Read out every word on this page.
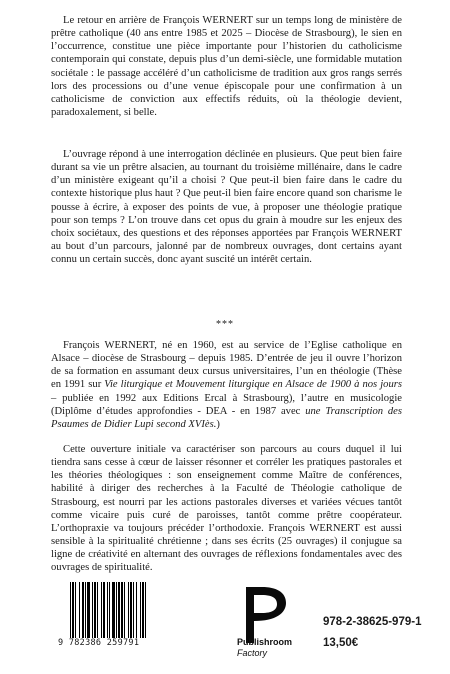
Le retour en arrière de François WERNERT sur un temps long de ministère de prêtre catholique (40 ans entre 1985 et 2025 – Diocèse de Strasbourg), le sien en l’occurrence, constitue une pièce importante pour l’historien du catholicisme contemporain qui constate, depuis plus d’un demi-siècle, une formidable mutation sociétale : le passage accéléré d’un catholicisme de tradition aux gros rangs serrés lors des processions ou d’une venue épiscopale pour une confirmation à un catholicisme de conviction aux effectifs réduits, où la théologie devient, paradoxalement, si belle.

L’ouvrage répond à une interrogation déclinée en plusieurs. Que peut bien faire durant sa vie un prêtre alsacien, au tournant du troisième millénaire, dans le cadre d’un ministère exigeant qu’il a choisi ? Que peut-il bien faire dans le cadre du contexte historique plus haut ? Que peut-il bien faire encore quand son charisme le pousse à écrire, à exposer des points de vue, à proposer une théologie pratique pour son temps ? L’on trouve dans cet opus du grain à moudre sur les enjeux des choix sociétaux, des questions et des réponses apportées par François WERNERT au bout d’un parcours, jalonné par de nombreux ouvrages, dont certains ayant connu un certain succès, donc ayant suscité un intérêt certain.

***

François WERNERT, né en 1960, est au service de l’Eglise catholique en Alsace – diocèse de Strasbourg – depuis 1985. D’entrée de jeu il ouvre l’horizon de sa formation en assumant deux cursus universitaires, l’un en théologie (Thèse en 1991 sur Vie liturgique et Mouvement liturgique en Alsace de 1900 à nos jours – publiée en 1992 aux Editions Ercal à Strasbourg), l’autre en musicologie (Diplôme d’études approfondies - DEA - en 1987 avec une Transcription des Psaumes de Didier Lupi second XVIès.)

Cette ouverture initiale va caractériser son parcours au cours duquel il lui tiendra sans cesse à cœur de laisser résonner et corréler les pratiques pastorales et les théories théologiques : son enseignement comme Maître de conférences, habilité à diriger des recherches à la Faculté de Théologie catholique de Strasbourg, est nourri par les actions pastorales diverses et variées vécues tantôt comme vicaire puis curé de paroisses, tantôt comme prêtre coopérateur. L’orthopraxie va toujours précéder l’orthodoxie. François WERNERT est aussi sensible à la spiritualité chrétienne ; dans ses écrits (25 ouvrages) il conjugue sa ligne de créativité en alternant des ouvrages de réflexions fondamentales avec des ouvrages de spiritualité.

9 782386 259791	Publishroom
Factory
978-2-38625-979-1
13,50€
